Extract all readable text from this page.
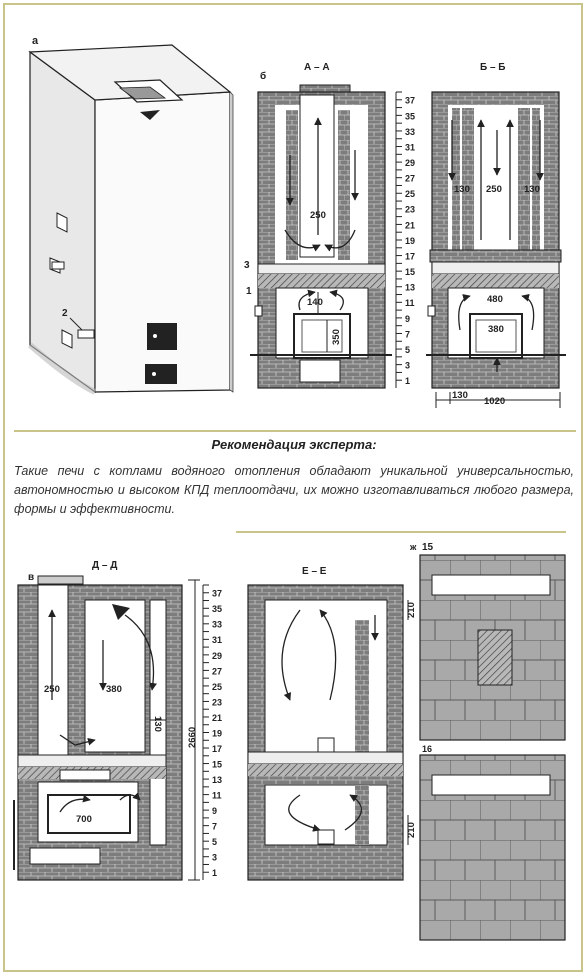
37
35
33
31
29
27
25
23
21
19
17
15
13
11
9
7
5
3
1
37
35
33
31
29
27
25
23
21
19
17
15
13
11
9
7
5
3
1
а
б
А – А	Б – Б
3
1
2
в
Д – Д
Е – Е
ж 15
16
250
140
350
130 250 130
480
380
130
1020
250	380
130
2660
700
210
210
Рекомендация эксперта:
Такие печи с котлами водяного отопления обладают уникальной универсальностью, автономностью и высоком КПД теплоотдачи, их можно изготавливаться любого размера, формы и эффективности.
